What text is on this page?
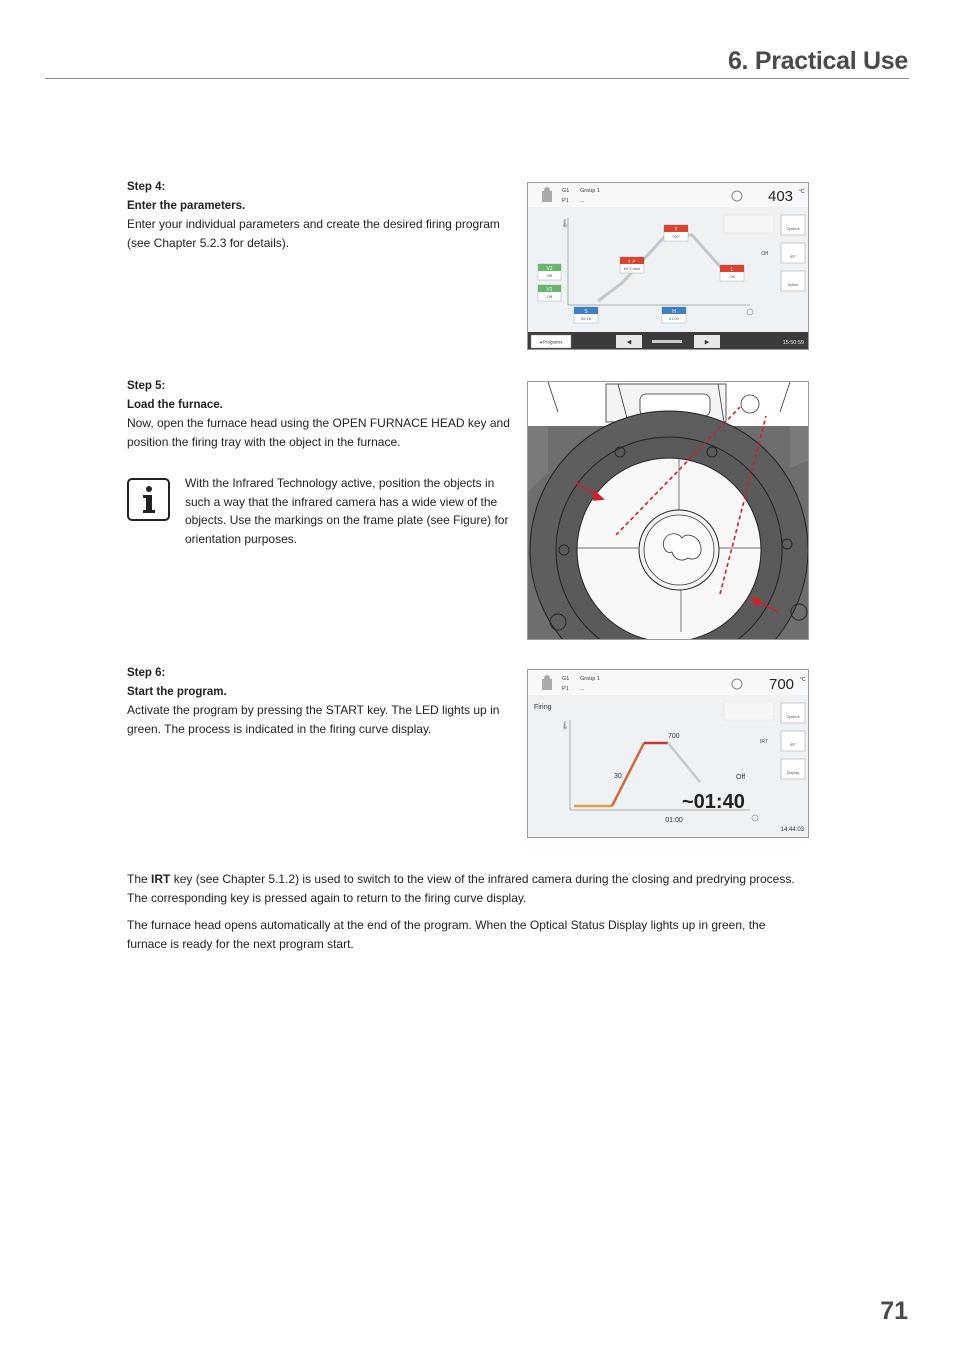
6. Practical Use
Step 4:
Enter the parameters.
Enter your individual parameters and create the desired firing program (see Chapter 5.2.3 for details).
G1 Group 1
P1 ...	403 °C
🌡
V2
Off
V1
Off
S
00:18
t ↗
60°C/min
T
700°
H
01:00
L
Off
Off
Options
IRT
Spline
◂ Programs	◂	▸	15:50:59
Step 5:
Load the furnace.
Now, open the furnace head using the OPEN FURNACE HEAD key and position the firing tray with the object in the furnace.
With the Infrared Technology active, position the objects in such a way that the infrared camera has a wide view of the objects. Use the markings on the frame plate (see Figure) for orientation purposes.
Step 6:
Start the program.
Activate the program by pressing the START key. The LED lights up in green. The process is indicated in the firing curve display.
G1 Group 1
P1 ...	700 °C
Firing
🌡
30
700
Off
01:00
~01:40
IRT
Options
IRT
Display
14:44:03
The IRT key (see Chapter 5.1.2) is used to switch to the view of the infrared camera during the closing and predrying process. The corresponding key is pressed again to return to the firing curve display.
The furnace head opens automatically at the end of the program. When the Optical Status Display lights up in green, the furnace is ready for the next program start.
71
